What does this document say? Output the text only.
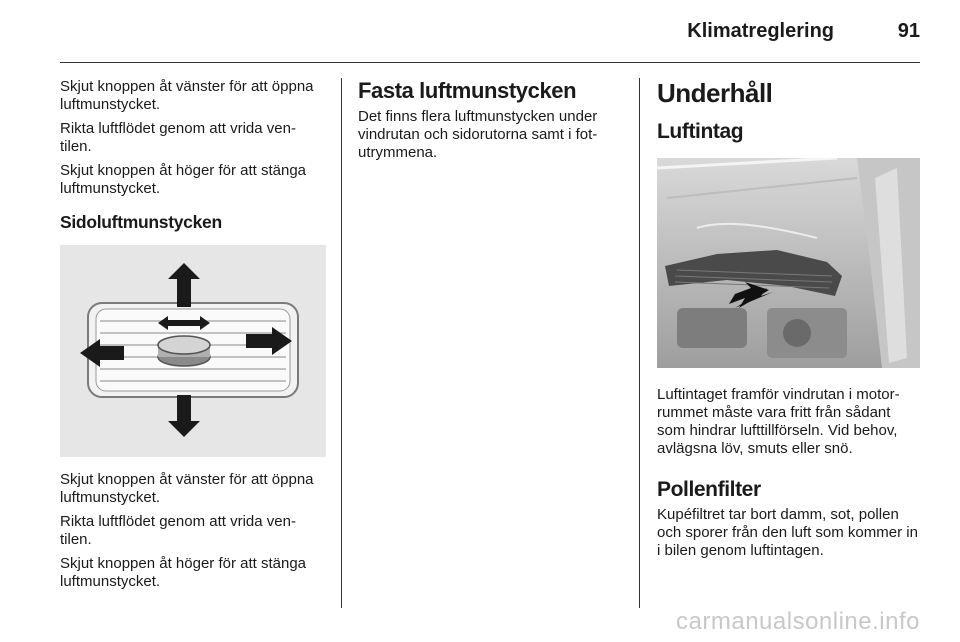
Klimatreglering	91

Skjut knoppen åt vänster för att öppna luftmunstycket.

Rikta luftflödet genom att vrida ven-tilen.

Skjut knoppen åt höger för att stänga luftmunstycket.

Sidoluftmunstycken

Skjut knoppen åt vänster för att öppna luftmunstycket.

Rikta luftflödet genom att vrida ven-tilen.

Skjut knoppen åt höger för att stänga luftmunstycket.

Fasta luftmunstycken

Det finns flera luftmunstycken under vindrutan och sidorutorna samt i fot-utrymmena.

Underhåll
Luftintag

Luftintaget framför vindrutan i motor-rummet måste vara fritt från sådant som hindrar lufttillförseln. Vid behov, avlägsna löv, smuts eller snö.

Pollenfilter

Kupéfiltret tar bort damm, sot, pollen och sporer från den luft som kommer in i bilen genom luftintagen.

carmanualsonline.info
